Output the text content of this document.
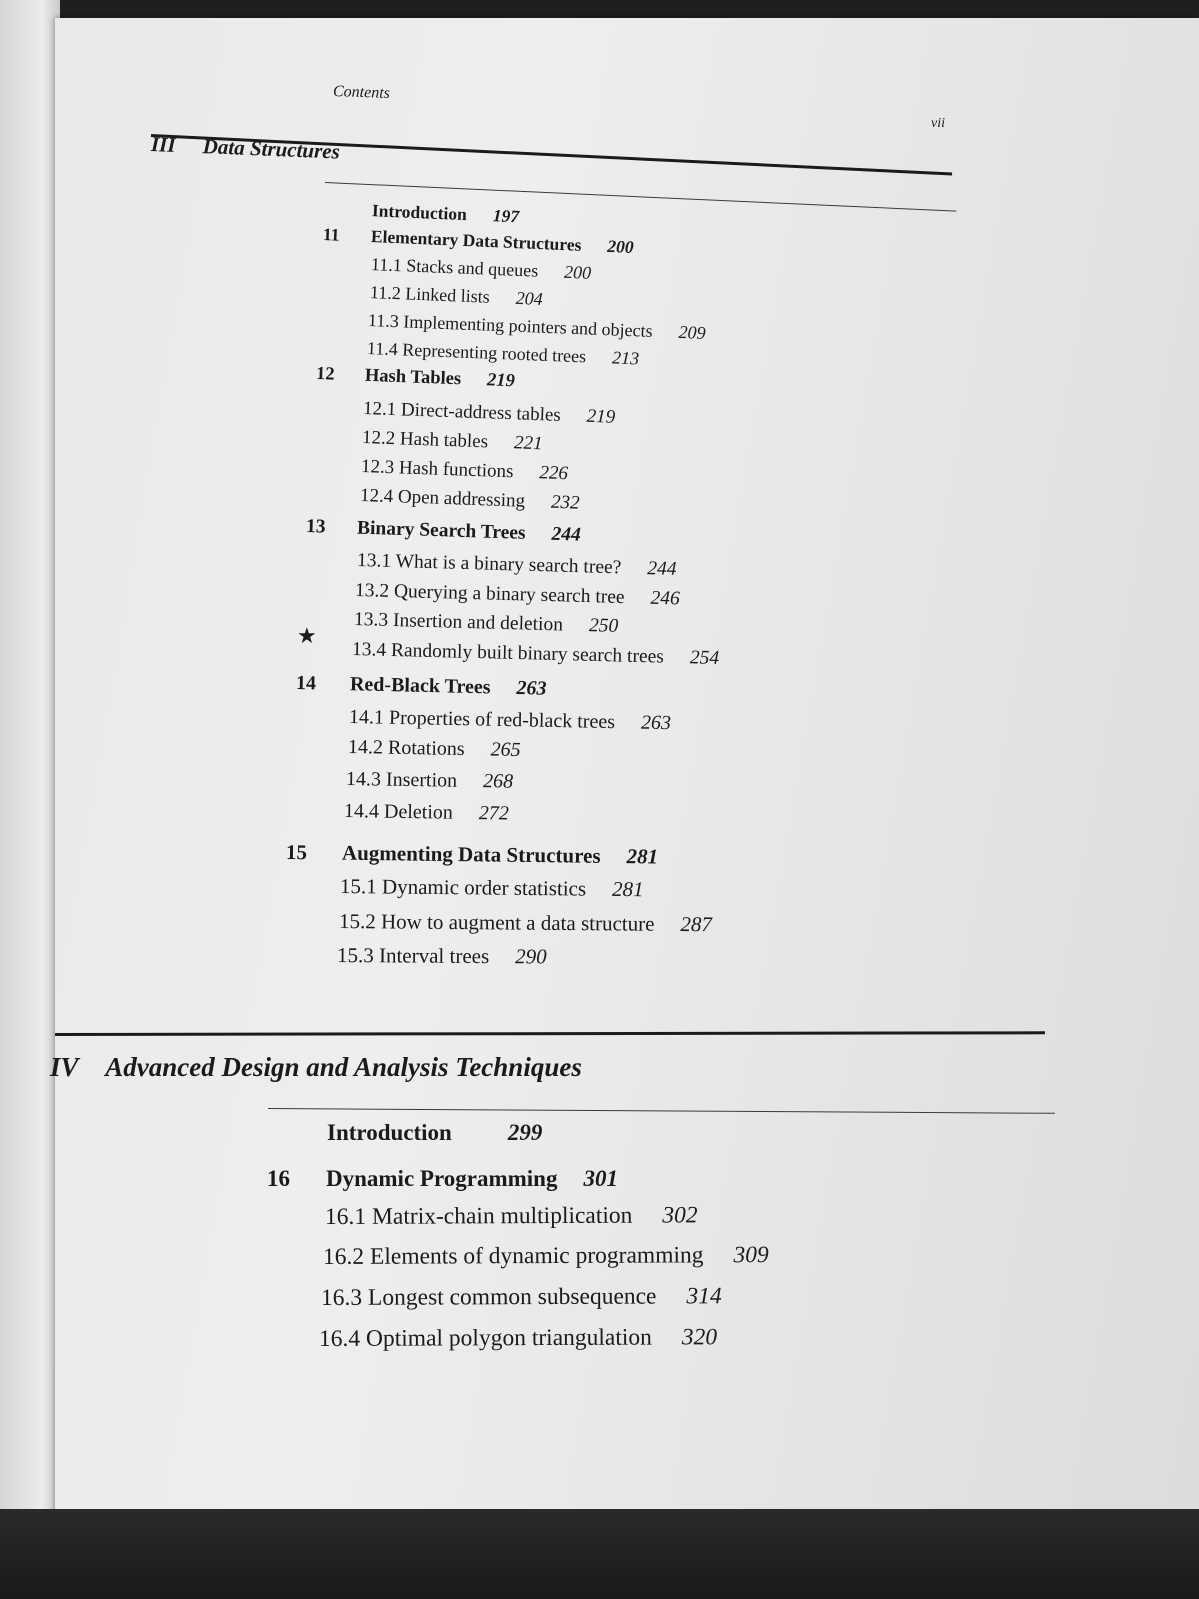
Contents
vii
III Data Structures
IV Advanced Design and Analysis Techniques
★
Introduction 197
11 Elementary Data Structures 200
11.1 Stacks and queues 200
11.2 Linked lists 204
11.3 Implementing pointers and objects 209
11.4 Representing rooted trees 213
12 Hash Tables 219
12.1 Direct-address tables 219
12.2 Hash tables 221
12.3 Hash functions 226
12.4 Open addressing 232
13 Binary Search Trees 244
13.1 What is a binary search tree? 244
13.2 Querying a binary search tree 246
13.3 Insertion and deletion 250
13.4 Randomly built binary search trees 254
14 Red-Black Trees 263
14.1 Properties of red-black trees 263
14.2 Rotations 265
14.3 Insertion 268
14.4 Deletion 272
15 Augmenting Data Structures 281
15.1 Dynamic order statistics 281
15.2 How to augment a data structure 287
15.3 Interval trees 290
Introduction 299
16 Dynamic Programming 301
16.1 Matrix-chain multiplication 302
16.2 Elements of dynamic programming 309
16.3 Longest common subsequence 314
16.4 Optimal polygon triangulation 320
